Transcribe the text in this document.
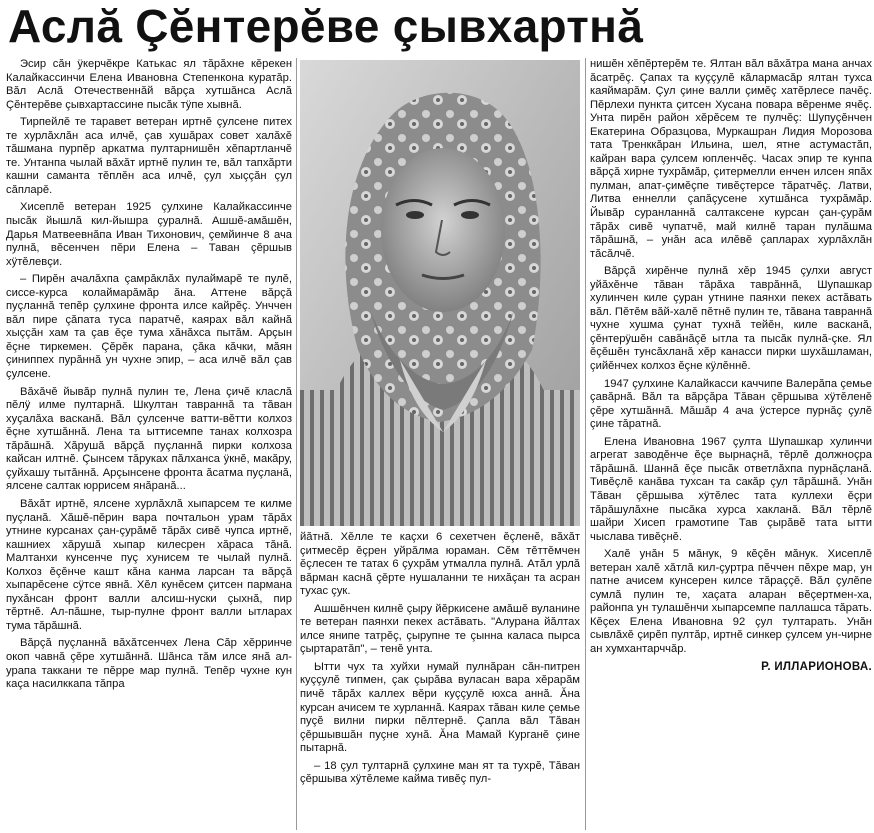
Аслă Çĕнтерĕве çывхартнă

Эсир сăн ÿкерчĕкре Катькас ял тăрăхне кĕрекен Калайкассинчи Елена Ивановна Степенкона куратăр. Вăл Аслă Отечественнăй вăрçа хутшăнса Аслă Çĕнтерĕве çывхартассине пысăк тÿпе хывнă.

Тирпейлĕ те таравет ветеран иртнĕ çулсене питех те хурлăхлăн аса илчĕ, çав хушăрах совет халăхĕ тăшмана пурпĕр аркатма пултарнишĕн хĕпартланчĕ те. Унтанпа чылай вăхăт иртнĕ пулин те, вăл тапхăрти кашни саманта тĕплĕн аса илчĕ, çул хыççăн çул сăпларĕ.

Хисеплĕ ветеран 1925 çулхине Калайкассинче пысăк йышлă кил-йышра çуралнă. Ашшĕ-амăшĕн, Дарья Матвеевнăпа Иван Тихонович, çемйинче 8 ача пулнă, вĕсенчен пĕри Елена – Таван çĕршыв хÿтĕлевçи.

– Пирĕн ачалăхпа çамрăклăх пулаймарĕ те пулĕ, сиссе-курса колаймарăмăр ăна. Аттене вăрçă пуçланнă тепĕр çулхине фронта илсе кайрĕç. Унччен вăл пире çăпата туса паратчĕ, каярах вăл кайнă хыççăн хам та çав ĕçе тума хăнăхса пытăм. Арçын ĕçне тиркемен. Çĕрĕк парана, çăка кăчки, мăян çиниппех пурăннă ун чухне эпир, – аса илчĕ вăл çав çулсене.

Вăхăчĕ йывăр пулнă пулин те, Лена çичĕ класлă пĕлÿ илме пултарнă. Шкултан тавраннă та тăван хуçалăха васканă. Вăл çулсенче ватти-вĕтти колхоз ĕçне хутшăннă. Лена та ыттисемпе танах колхозра тăрăшнă. Хăрушă вăрçă пуçланнă пирки колхоза кайсан илтнĕ. Çынсем тăруках пăлханса ÿкнĕ, макăру, çуйхашу тытăннă. Арçынсене фронта ăсатма пуçланă, ялсене салтак юррисем янăранă...

Вăхăт иртнĕ, ялсене хурлăхлă хыпарсем те килме пуçланă. Хăшĕ-пĕрин вара почтальон урам тăрăх утнине курсанах çан-çурăмĕ тăрăх сивĕ чупса иртнĕ, кашниех хăрушă хыпар килесрен хăраса тăнă. Малтанхи кунсенче пуç хунисем те чылай пулнă. Колхоз ĕçĕнче кашт кăна канма ларсан та вăрçă хыпарĕсене сÿтсе явнă. Хĕл кунĕсем çитсен пармана пухăнсан фронт валли алсиш-нуски çыхнă, пир тĕртнĕ. Ал-пăшне, тыр-пулне фронт валли ытларах тума тăрăшнă.

Вăрçă пуçланнă вăхăтсенчех Лена Сăр хĕрринче окоп чавнă çĕре хутшăннă. Шăнса тăм илсе янă ал-урапа таккани те пĕрре мар пулнă. Тепĕр чухне кун каça насилккапа тăпра

йăтнă. Хĕлле те каçхи 6 сехетчен ĕçленĕ, вăхăт çитмесĕр ĕçрен уйрăлма юраман. Сĕм тĕттĕмчен ĕçлесен те татах 6 çухрăм утмалла пулнă. Атăл урлă вăрман каснă çĕрте нушаланни те нихăçан та асран тухас çук.

Ашшĕнчен килнĕ çыру йĕркисене амăшĕ вуланине те ветеран паянхи пекех астăвать. "Алурана йăлтах илсе янипе татрĕç, çырупне те çынна каласа пырса çыртаратăп", – тенĕ унта.

Ытти чух та хуйхи нумай пулнăран сăн-питрен куççулĕ типмен, çак çырăва вуласан вара хĕрарăм пичĕ тăрăх каллех вĕри куççулĕ юхса аннă. Ăна курсан ачисем те хурланнă. Каярах тăван киле çемье пуçĕ вилни пирки пĕлтернĕ. Çапла вăл Тăван çĕршывшăн пуçне хунă. Ăна Мамай Курганĕ çине пытарнă.

– 18 çул тултарнă çулхине ман ят та тухрĕ, Тăван çĕршыва хÿтĕлеме кайма тивĕç пул-

нишĕн хĕпĕртерĕм те. Ялтан вăл вăхăтра мана анчах ăсатрĕç. Çапах та куççулĕ кăлармасăр ялтан тухса каяймарăм. Çул çине валли çимĕç хатĕрлесе пачĕç. Пĕрлехи пункта çитсен Хусана повара вĕренме ячĕç. Унта пирĕн район хĕрĕсем те пулчĕç: Шупуçĕнчен Екатерина Образцова, Муркашран Лидия Морозова тата Тренккăран Ильина, шел, ятне астумастăп, кайран вара çулсем юпленчĕç. Часах эпир те кунпа вăрçă хирне тухрăмăр, çитермелли енчен илсен япăх пулман, апат-çимĕçпе тивĕçтерсе тăратчĕç. Латви, Литва еннелли çапăçусене хутшăнса тухрăмăр. Йывăр суранланнă салтаксене курсан çан-çурăм тăрăх сивĕ чупатчĕ, май килнĕ таран пулăшма тăрăшнă, – унăн аса илĕвĕ çапларах хурлăхлăн тăсăлчĕ.

Вăрçă хирĕнче пулнă хĕр 1945 çулхи август уйăхĕнче тăван тăрăха таврăннă, Шупашкар хулинчен киле çуран утнине паянхи пекех астăвать вăл. Пĕтĕм вăй-халĕ пĕтнĕ пулин те, тăвана тавраннă чухне хушма çунат тухнă тейĕн, киле васканă, çĕнтерÿшĕн савăнăçĕ ытла та пысăк пулнă-çке. Ял ĕçĕшĕн тунсăхланă хĕр канасси пирки шухăшламан, çийĕнчех колхоз ĕçне кÿлĕннĕ.

1947 çулхине Калайкасси каччипе Валерăпа çемье çавăрнă. Вăл та вăрçăра Тăван çĕршыва хÿтĕленĕ çĕре хутшăннă. Мăшăр 4 ача ÿстерсе пурнăç çулĕ çине тăратнă.

Елена Ивановна 1967 çулта Шупашкар хулинчи агрегат заводĕнче ĕçе вырнаçнă, тĕрлĕ должноçра тăрăшнă. Шаннă ĕçе пысăк ответлăхпа пурнăçланă. Тивĕçлĕ канăва тухсан та сакăр çул тăрăшнă. Унăн Тăван çĕршыва хÿтĕлес тата куллехи ĕçри тăрăшулăхне пысăка хурса хакланă. Вăл тĕрлĕ шайри Хисеп грамотипе Тав çырăвĕ тата ытти чыслава тивĕçнĕ.

Халĕ унăн 5 мăнук, 9 кĕçĕн мăнук. Хисеплĕ ветеран халĕ хăтлă кил-çуртра пĕччен пĕхре мар, ун патне ачисем кунсерен килсе тăраççĕ. Вăл çулĕпе сумлă пулин те, хаçата аларан вĕçертмен-ха, районпа ун тулашĕнчи хыпарсемпе паллашса тăрать. Кĕçех Елена Ивановна 92 çул тултарать. Унăн сывлăхĕ çирĕп пултăр, иртнĕ синкер çулсем ун-чирне ан хумхантарччăр.

Р. ИЛЛАРИОНОВА.
